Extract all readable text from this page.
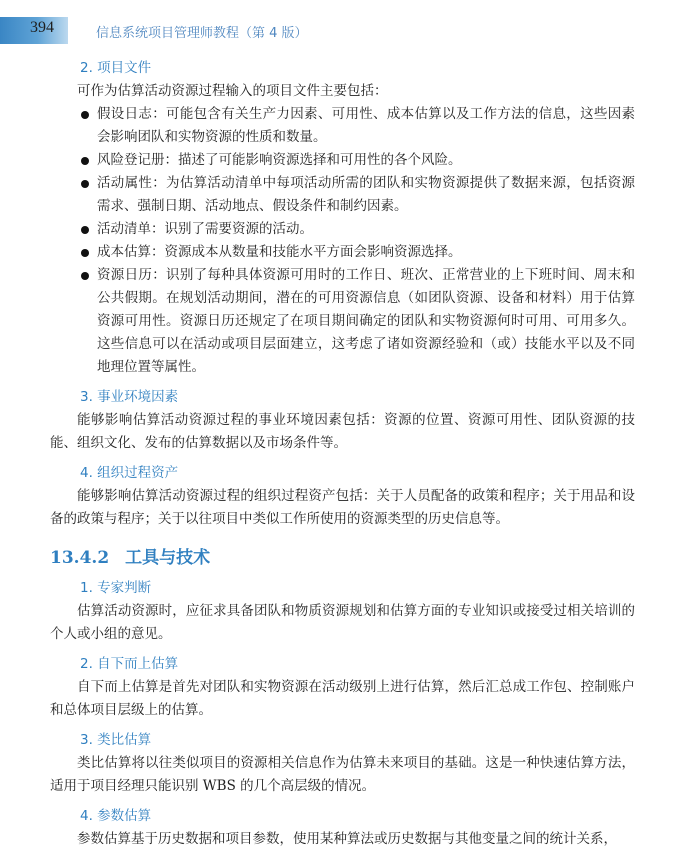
394	信息系统项目管理师教程（第 4 版）
2. 项目文件

可作为估算活动资源过程输入的项目文件主要包括：

假设日志：可能包含有关生产力因素、可用性、成本估算以及工作方法的信息，这些因素会影响团队和实物资源的性质和数量。
风险登记册：描述了可能影响资源选择和可用性的各个风险。
活动属性：为估算活动清单中每项活动所需的团队和实物资源提供了数据来源，包括资源需求、强制日期、活动地点、假设条件和制约因素。
活动清单：识别了需要资源的活动。
成本估算：资源成本从数量和技能水平方面会影响资源选择。
资源日历：识别了每种具体资源可用时的工作日、班次、正常营业的上下班时间、周末和公共假期。在规划活动期间，潜在的可用资源信息（如团队资源、设备和材料）用于估算资源可用性。资源日历还规定了在项目期间确定的团队和实物资源何时可用、可用多久。这些信息可以在活动或项目层面建立，这考虑了诸如资源经验和（或）技能水平以及不同地理位置等属性。
3. 事业环境因素

能够影响估算活动资源过程的事业环境因素包括：资源的位置、资源可用性、团队资源的技能、组织文化、发布的估算数据以及市场条件等。

4. 组织过程资产

能够影响估算活动资源过程的组织过程资产包括：关于人员配备的政策和程序；关于用品和设备的政策与程序；关于以往项目中类似工作所使用的资源类型的历史信息等。

13.4.2 工具与技术
1. 专家判断

估算活动资源时，应征求具备团队和物质资源规划和估算方面的专业知识或接受过相关培训的个人或小组的意见。

2. 自下而上估算

自下而上估算是首先对团队和实物资源在活动级别上进行估算，然后汇总成工作包、控制账户和总体项目层级上的估算。

3. 类比估算

类比估算将以往类似项目的资源相关信息作为估算未来项目的基础。这是一种快速估算方法，适用于项目经理只能识别 WBS 的几个高层级的情况。

4. 参数估算

参数估算基于历史数据和项目参数，使用某种算法或历史数据与其他变量之间的统计关系，
